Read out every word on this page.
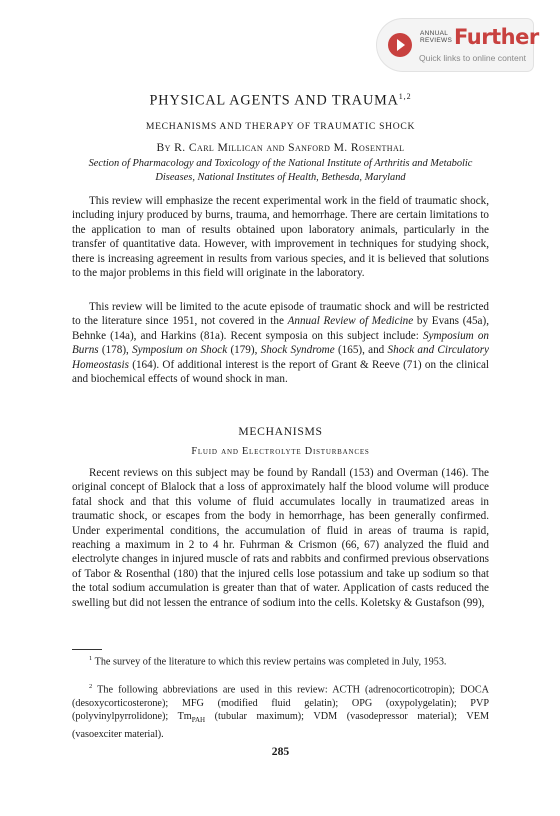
ANNUAL
REVIEWS Further
Quick links to online content
PHYSICAL AGENTS AND TRAUMA$^{1,2}$
MECHANISMS AND THERAPY OF TRAUMATIC SHOCK
By R. Carl Millican and Sanford M. Rosenthal
Section of Pharmacology and Toxicology of the National Institute of Arthritis and Metabolic Diseases, National Institutes of Health, Bethesda, Maryland
This review will emphasize the recent experimental work in the field of traumatic shock, including injury produced by burns, trauma, and hemorrhage. There are certain limitations to the application to man of results obtained upon laboratory animals, particularly in the transfer of quantitative data. However, with improvement in techniques for studying shock, there is increasing agreement in results from various species, and it is believed that solutions to the major problems in this field will originate in the laboratory.
This review will be limited to the acute episode of traumatic shock and will be restricted to the literature since 1951, not covered in the Annual Review of Medicine by Evans (45a), Behnke (14a), and Harkins (81a). Recent symposia on this subject include: Symposium on Burns (178), Symposium on Shock (179), Shock Syndrome (165), and Shock and Circulatory Homeostasis (164). Of additional interest is the report of Grant & Reeve (71) on the clinical and biochemical effects of wound shock in man.
MECHANISMS
Fluid and Electrolyte Disturbances
Recent reviews on this subject may be found by Randall (153) and Overman (146). The original concept of Blalock that a loss of approximately half the blood volume will produce fatal shock and that this volume of fluid accumulates locally in traumatized areas in traumatic shock, or escapes from the body in hemorrhage, has been generally confirmed. Under experimental conditions, the accumulation of fluid in areas of trauma is rapid, reaching a maximum in 2 to 4 hr. Fuhrman & Crismon (66, 67) analyzed the fluid and electrolyte changes in injured muscle of rats and rabbits and confirmed previous observations of Tabor & Rosenthal (180) that the injured cells lose potassium and take up sodium so that the total sodium accumulation is greater than that of water. Application of casts reduced the swelling but did not lessen the entrance of sodium into the cells. Koletsky & Gustafson (99),
$^1$ The survey of the literature to which this review pertains was completed in July, 1953.
$^2$ The following abbreviations are used in this review: ACTH (adrenocorticotropin); DOCA (desoxycorticosterone); MFG (modified fluid gelatin); OPG (oxypolygelatin); PVP (polyvinylpyrrolidone); $Tm_{PAH}$ (tubular maximum); VDM (vasodepressor material); VEM (vasoexciter material).
285
